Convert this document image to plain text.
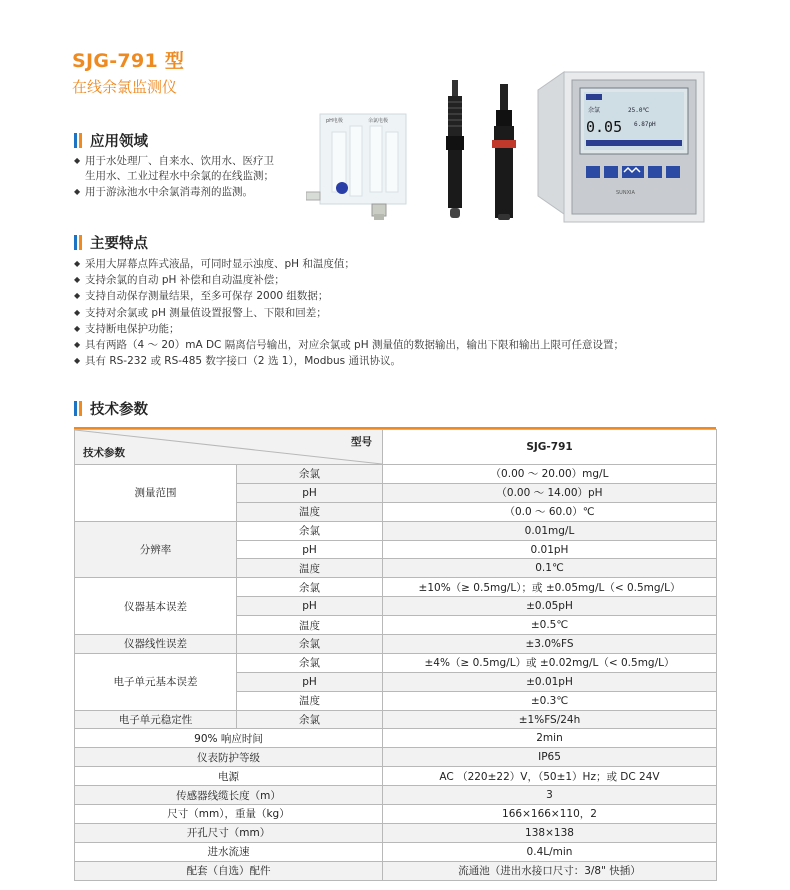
SJG-791 型
在线余氯监测仪
应用领域
◆ 用于水处理厂、自来水、饮用水、医疗卫
生用水、工业过程水中余氯的在线监测；
◆ 用于游泳池水中余氯消毒剂的监测。
pH电极	余氯电极
余氯	25.0℃
0.05 6.87pH
SUNXIA
主要特点
◆ 采用大屏幕点阵式液晶，可同时显示浊度、pH 和温度值；
◆ 支持余氯的自动 pH 补偿和自动温度补偿；
◆ 支持自动保存测量结果，至多可保存 2000 组数据；
◆ 支持对余氯或 pH 测量值设置报警上、下限和回差；
◆ 支持断电保护功能；
◆ 具有两路（4 ～ 20）mA DC 隔离信号输出，对应余氯或 pH 测量值的数据输出，输出下限和输出上限可任意设置；
◆ 具有 RS-232 或 RS-485 数字接口（2 选 1），Modbus 通讯协议。
技术参数
型号
技术参数		SJG-791
测量范围	余氯	（0.00 ～ 20.00）mg/L
	pH	（0.00 ～ 14.00）pH
	温度	（0.0 ～ 60.0）℃
分辨率	余氯	0.01mg/L
	pH	0.01pH
	温度	0.1℃
仪器基本误差	余氯	±10%（≥ 0.5mg/L）；或 ±0.05mg/L（< 0.5mg/L）
	pH	±0.05pH
	温度	±0.5℃
仪器线性误差	余氯	±3.0%FS
电子单元基本误差	余氯	±4%（≥ 0.5mg/L）或 ±0.02mg/L（< 0.5mg/L）
	pH	±0.01pH
	温度	±0.3℃
电子单元稳定性	余氯	±1%FS/24h
90% 响应时间		2min
仪表防护等级		IP65
电源		AC （220±22）V，（50±1）Hz；或 DC 24V
传感器线缆长度（m）		3
尺寸（mm），重量（kg）		166×166×110，2
开孔尺寸（mm）		138×138
进水流速		0.4L/min
配套（自选）配件		流通池（进出水接口尺寸：3/8" 快插）
